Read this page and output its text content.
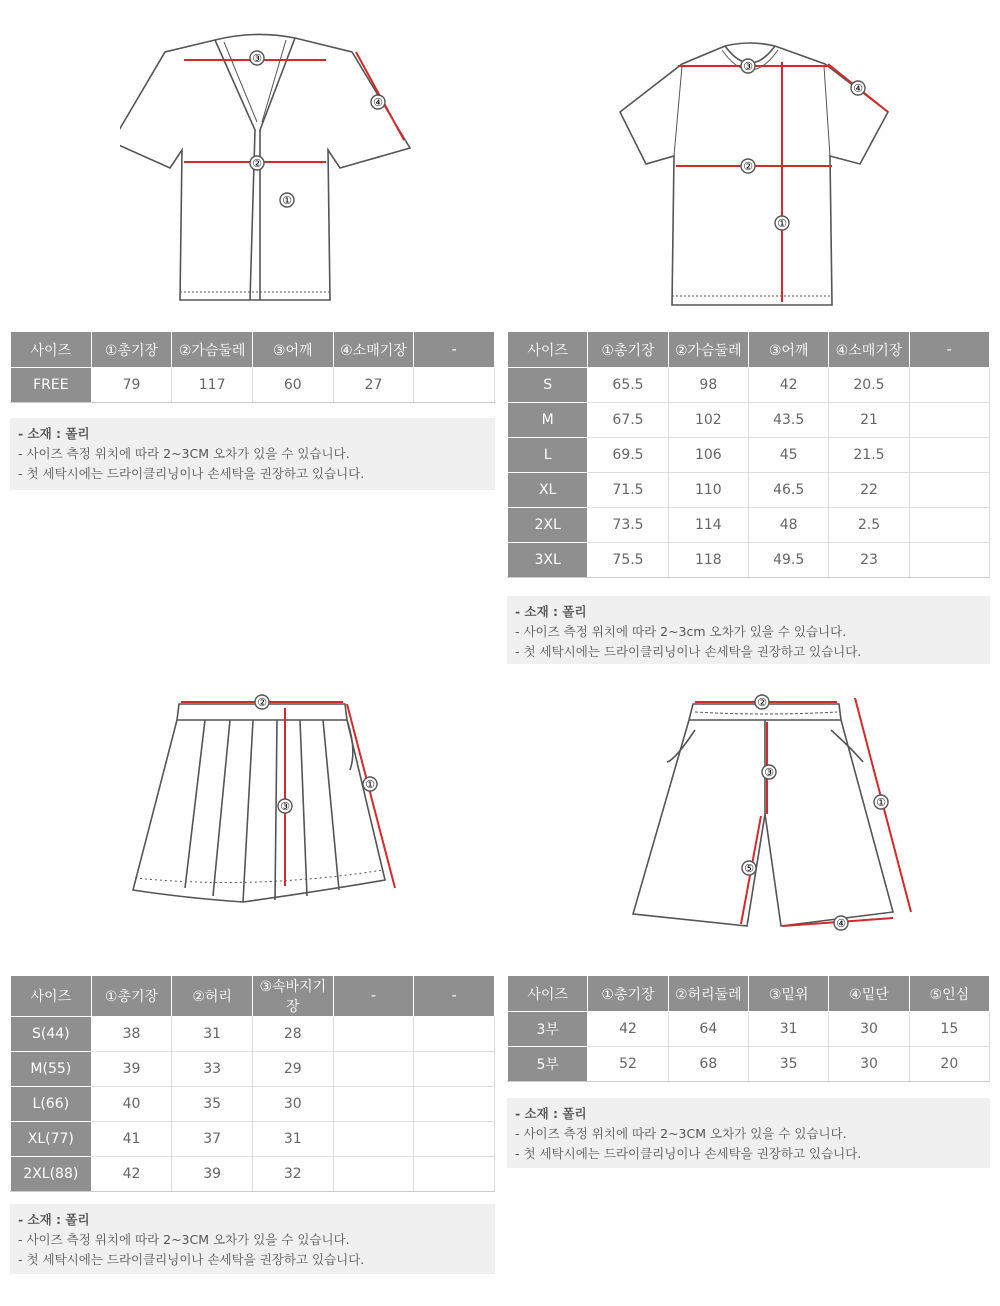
③
②
①
④
③
②
①
④
②
③
①
②
③
⑤
④
①
사이즈	①총기장	②가슴둘레	③어깨	④소매기장	-
FREE	79	117	60	27	
사이즈	①총기장	②가슴둘레	③어깨	④소매기장	-
S	65.5	98	42	20.5	
M	67.5	102	43.5	21	
L	69.5	106	45	21.5	
XL	71.5	110	46.5	22	
2XL	73.5	114	48	2.5	
3XL	75.5	118	49.5	23	
사이즈	①총기장	②허리	③속바지기장	-	-
S(44)	38	31	28		
M(55)	39	33	29		
L(66)	40	35	30		
XL(77)	41	37	31		
2XL(88)	42	39	32		
사이즈	①총기장	②허리둘레	③밑위	④밑단	⑤인심
3부	42	64	31	30	15
5부	52	68	35	30	20
- 소재 : 폴리
- 사이즈 측정 위치에 따라 2~3CM 오차가 있을 수 있습니다.
- 첫 세탁시에는 드라이클리닝이나 손세탁을 권장하고 있습니다.
- 소재 : 폴리
- 사이즈 측정 위치에 따라 2~3cm 오차가 있을 수 있습니다.
- 첫 세탁시에는 드라이클리닝이나 손세탁을 권장하고 있습니다.
- 소재 : 폴리
- 사이즈 측정 위치에 따라 2~3CM 오차가 있을 수 있습니다.
- 첫 세탁시에는 드라이클리닝이나 손세탁을 권장하고 있습니다.
- 소재 : 폴리
- 사이즈 측정 위치에 따라 2~3CM 오차가 있을 수 있습니다.
- 첫 세탁시에는 드라이클리닝이나 손세탁을 권장하고 있습니다.
